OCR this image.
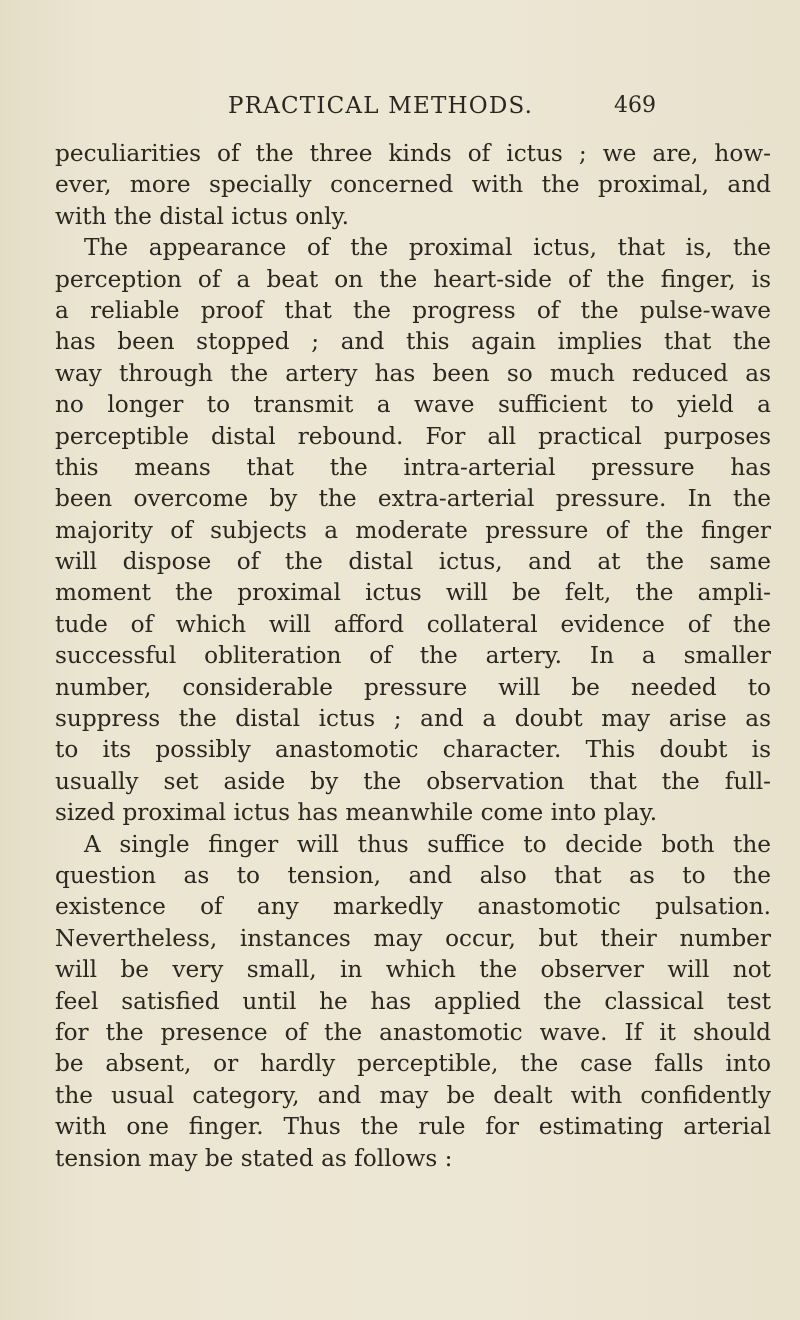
PRACTICAL METHODS.	469
peculiarities of the three kinds of ictus ; we are, how-
ever, more specially concerned with the proximal, and
with the distal ictus only.
The appearance of the proximal ictus, that is, the
perception of a beat on the heart-side of the finger, is
a reliable proof that the progress of the pulse-wave
has been stopped ; and this again implies that the
way through the artery has been so much reduced as
no longer to transmit a wave sufficient to yield a
perceptible distal rebound. For all practical purposes
this means that the intra-arterial pressure has
been overcome by the extra-arterial pressure. In the
majority of subjects a moderate pressure of the finger
will dispose of the distal ictus, and at the same
moment the proximal ictus will be felt, the ampli-
tude of which will afford collateral evidence of the
successful obliteration of the artery. In a smaller
number, considerable pressure will be needed to
suppress the distal ictus ; and a doubt may arise as
to its possibly anastomotic character. This doubt is
usually set aside by the observation that the full-
sized proximal ictus has meanwhile come into play.
A single finger will thus suffice to decide both the
question as to tension, and also that as to the
existence of any markedly anastomotic pulsation.
Nevertheless, instances may occur, but their number
will be very small, in which the observer will not
feel satisfied until he has applied the classical test
for the presence of the anastomotic wave. If it should
be absent, or hardly perceptible, the case falls into
the usual category, and may be dealt with confidently
with one finger. Thus the rule for estimating arterial
tension may be stated as follows :
